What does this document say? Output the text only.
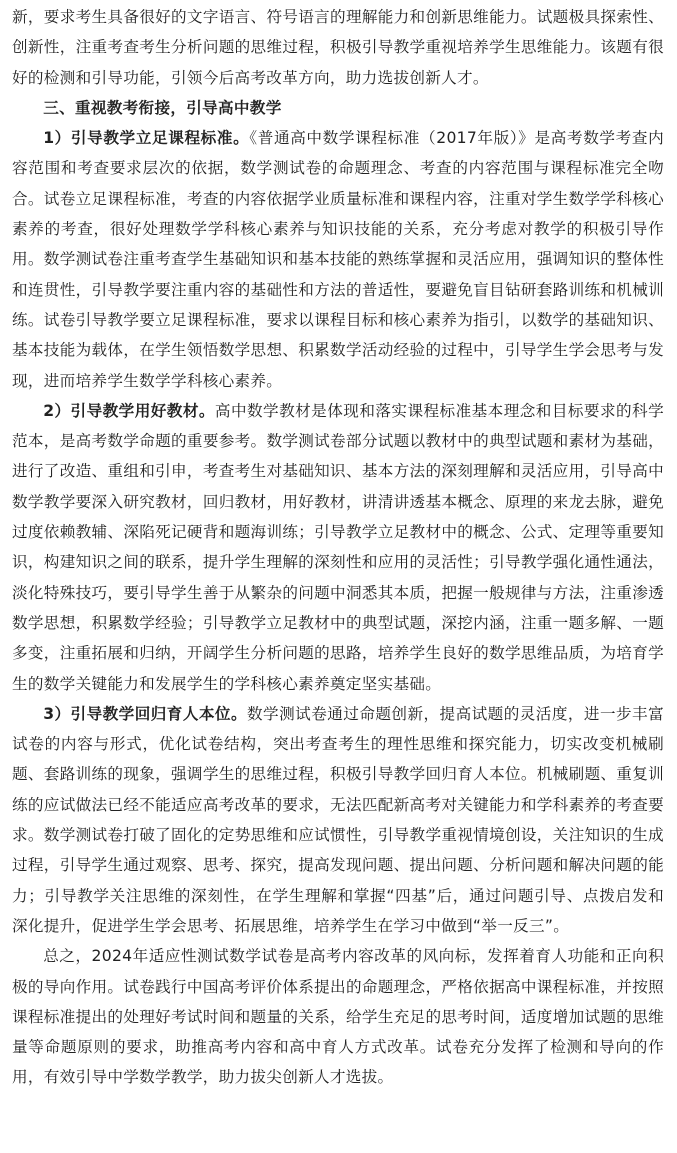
新，要求考生具备很好的文字语言、符号语言的理解能力和创新思维能力。试题极具探索性、创新性，注重考查考生分析问题的思维过程，积极引导教学重视培养学生思维能力。该题有很好的检测和引导功能，引领今后高考改革方向，助力选拔创新人才。

三、重视教考衔接，引导高中教学

1）引导教学立足课程标准。《普通高中数学课程标准（2017年版）》是高考数学考查内容范围和考查要求层次的依据，数学测试卷的命题理念、考查的内容范围与课程标准完全吻合。试卷立足课程标准，考查的内容依据学业质量标准和课程内容，注重对学生数学学科核心素养的考查，很好处理数学学科核心素养与知识技能的关系，充分考虑对教学的积极引导作用。数学测试卷注重考查学生基础知识和基本技能的熟练掌握和灵活应用，强调知识的整体性和连贯性，引导教学要注重内容的基础性和方法的普适性，要避免盲目钻研套路训练和机械训练。试卷引导教学要立足课程标准，要求以课程目标和核心素养为指引，以数学的基础知识、基本技能为载体，在学生领悟数学思想、积累数学活动经验的过程中，引导学生学会思考与发现，进而培养学生数学学科核心素养。

2）引导教学用好教材。高中数学教材是体现和落实课程标准基本理念和目标要求的科学范本，是高考数学命题的重要参考。数学测试卷部分试题以教材中的典型试题和素材为基础，进行了改造、重组和引申，考查考生对基础知识、基本方法的深刻理解和灵活应用，引导高中数学教学要深入研究教材，回归教材，用好教材，讲清讲透基本概念、原理的来龙去脉，避免过度依赖教辅、深陷死记硬背和题海训练；引导教学立足教材中的概念、公式、定理等重要知识，构建知识之间的联系，提升学生理解的深刻性和应用的灵活性；引导教学强化通性通法，淡化特殊技巧，要引导学生善于从繁杂的问题中洞悉其本质，把握一般规律与方法，注重渗透数学思想，积累数学经验；引导教学立足教材中的典型试题，深挖内涵，注重一题多解、一题多变，注重拓展和归纳，开阔学生分析问题的思路，培养学生良好的数学思维品质，为培育学生的数学关键能力和发展学生的学科核心素养奠定坚实基础。

3）引导教学回归育人本位。数学测试卷通过命题创新，提高试题的灵活度，进一步丰富试卷的内容与形式，优化试卷结构，突出考查考生的理性思维和探究能力，切实改变机械刷题、套路训练的现象，强调学生的思维过程，积极引导教学回归育人本位。机械刷题、重复训练的应试做法已经不能适应高考改革的要求，无法匹配新高考对关键能力和学科素养的考查要求。数学测试卷打破了固化的定势思维和应试惯性，引导教学重视情境创设，关注知识的生成过程，引导学生通过观察、思考、探究，提高发现问题、提出问题、分析问题和解决问题的能力；引导教学关注思维的深刻性，在学生理解和掌握“四基”后，通过问题引导、点拨启发和深化提升，促进学生学会思考、拓展思维，培养学生在学习中做到“举一反三”。

总之，2024年适应性测试数学试卷是高考内容改革的风向标，发挥着育人功能和正向积极的导向作用。试卷践行中国高考评价体系提出的命题理念，严格依据高中课程标准，并按照课程标准提出的处理好考试时间和题量的关系，给学生充足的思考时间，适度增加试题的思维量等命题原则的要求，助推高考内容和高中育人方式改革。试卷充分发挥了检测和导向的作用，有效引导中学数学教学，助力拔尖创新人才选拔。
